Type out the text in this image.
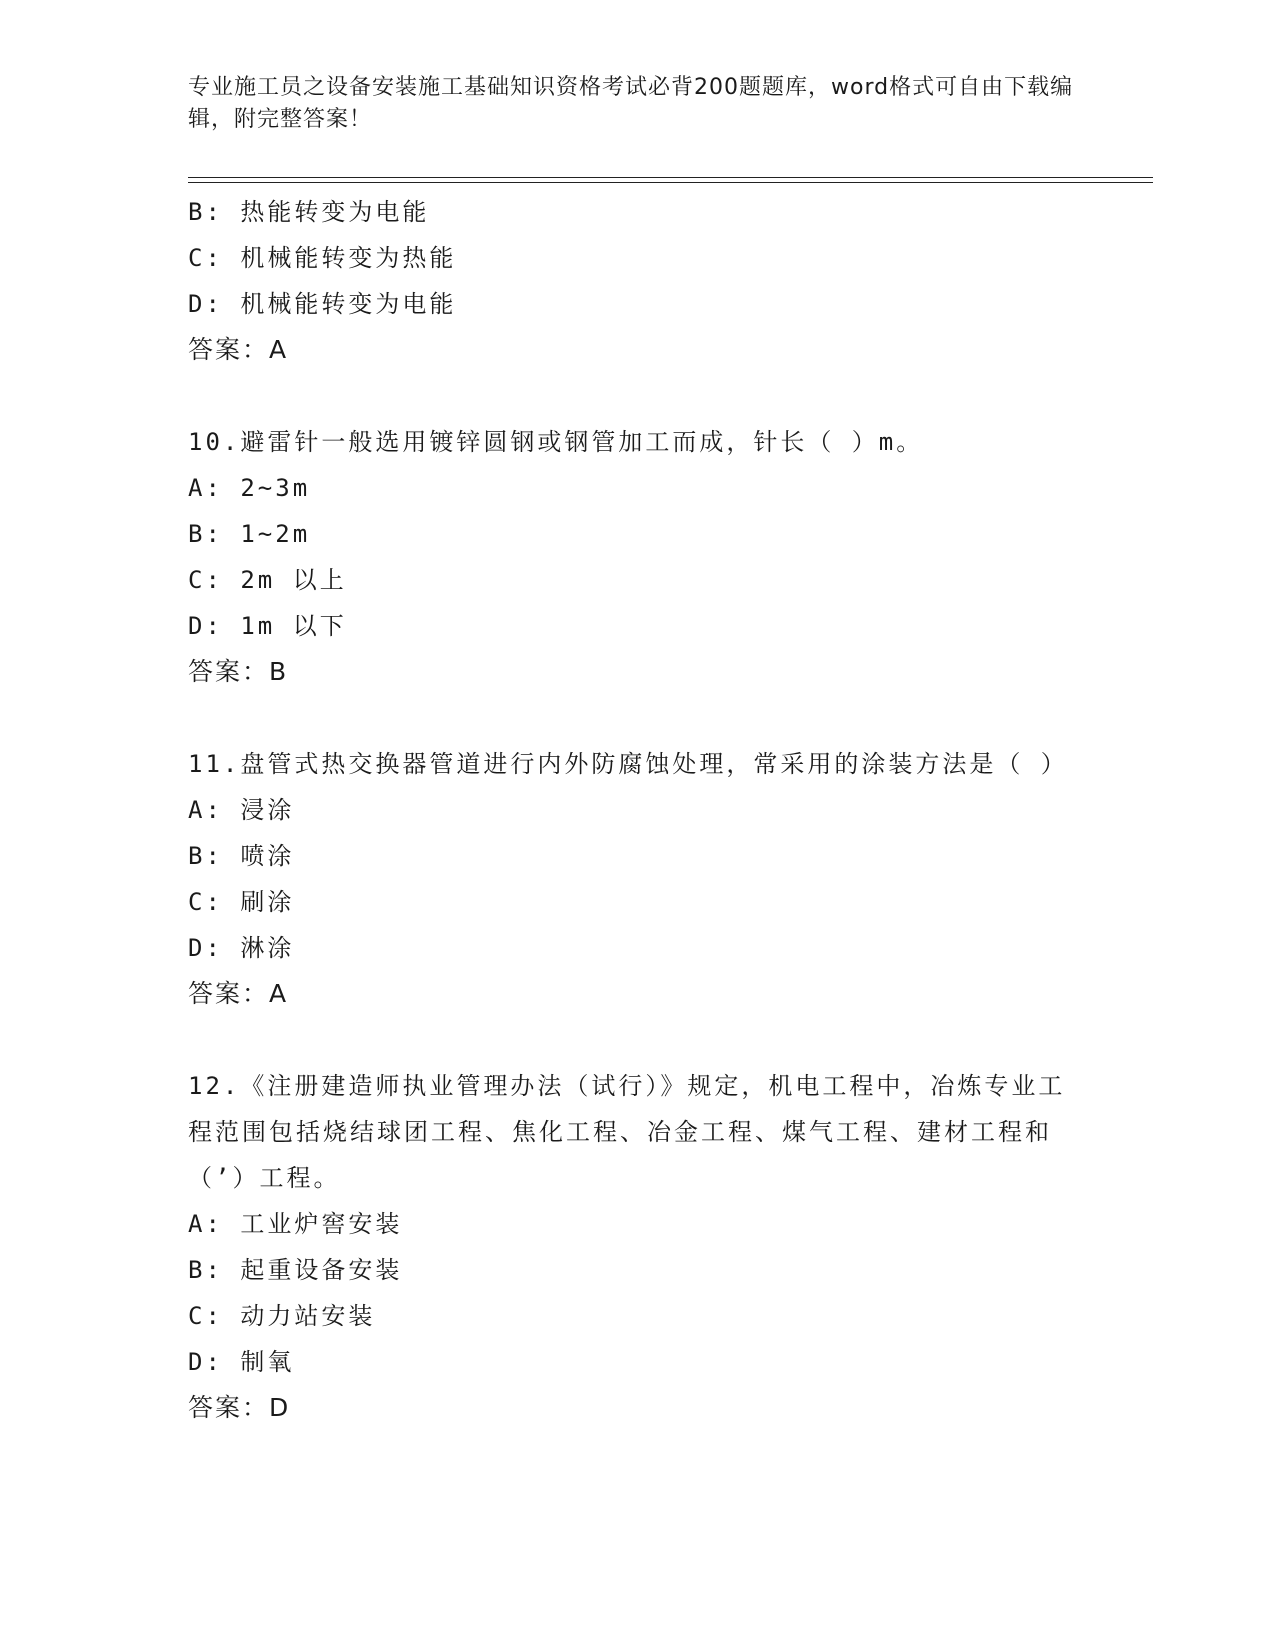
专业施工员之设备安装施工基础知识资格考试必背200题题库，word格式可自由下载编辑，附完整答案！
B: 热能转变为电能
C: 机械能转变为热能
D: 机械能转变为电能
答案：A
10.避雷针一般选用镀锌圆钢或钢管加工而成，针长（ ）m。
A: 2~3m
B: 1~2m
C: 2m 以上
D: 1m 以下
答案：B
11.盘管式热交换器管道进行内外防腐蚀处理，常采用的涂装方法是（ ）
A: 浸涂
B: 喷涂
C: 刷涂
D: 淋涂
答案：A
12.《注册建造师执业管理办法（试行）》规定，机电工程中，冶炼专业工程范围包括烧结球团工程、焦化工程、冶金工程、煤气工程、建材工程和（’）工程。
A: 工业炉窖安装
B: 起重设备安装
C: 动力站安装
D: 制氧
答案：D
